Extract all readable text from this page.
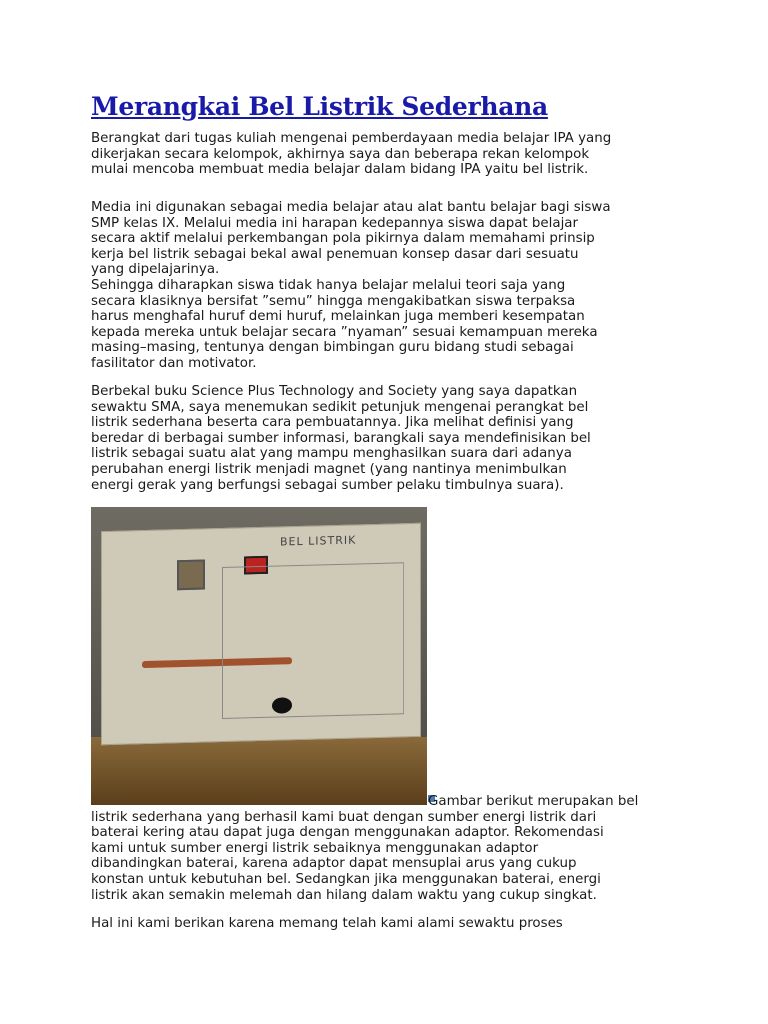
Merangkai Bel Listrik Sederhana
Berangkat dari tugas kuliah mengenai pemberdayaan media belajar IPA yang
dikerjakan secara kelompok, akhirnya saya dan beberapa rekan kelompok
mulai mencoba membuat media belajar dalam bidang IPA yaitu bel listrik.
Media ini digunakan sebagai media belajar atau alat bantu belajar bagi siswa
SMP kelas IX. Melalui media ini harapan kedepannya siswa dapat belajar
secara aktif melalui perkembangan pola pikirnya dalam memahami prinsip
kerja bel listrik sebagai bekal awal penemuan konsep dasar dari sesuatu
yang dipelajarinya.
Sehingga diharapkan siswa tidak hanya belajar melalui teori saja yang
secara klasiknya bersifat ”semu” hingga mengakibatkan siswa terpaksa
harus menghafal huruf demi huruf, melainkan juga memberi kesempatan
kepada mereka untuk belajar secara ”nyaman” sesuai kemampuan mereka
masing–masing, tentunya dengan bimbingan guru bidang studi sebagai
fasilitator dan motivator.
Berbekal buku Science Plus Technology and Society yang saya dapatkan
sewaktu SMA, saya menemukan sedikit petunjuk mengenai perangkat bel
listrik sederhana beserta cara pembuatannya. Jika melihat definisi yang
beredar di berbagai sumber informasi, barangkali saya mendefinisikan bel
listrik sebagai suatu alat yang mampu menghasilkan suara dari adanya
perubahan energi listrik menjadi magnet (yang nantinya menimbulkan
energi gerak yang berfungsi sebagai sumber pelaku timbulnya suara).
BEL LISTRIK
Gambar berikut merupakan bel
listrik sederhana yang berhasil kami buat dengan sumber energi listrik dari
baterai kering atau dapat juga dengan menggunakan adaptor. Rekomendasi
kami untuk sumber energi listrik sebaiknya menggunakan adaptor
dibandingkan baterai, karena adaptor dapat mensuplai arus yang cukup
konstan untuk kebutuhan bel. Sedangkan jika menggunakan baterai, energi
listrik akan semakin melemah dan hilang dalam waktu yang cukup singkat.
Hal ini kami berikan karena memang telah kami alami sewaktu proses
